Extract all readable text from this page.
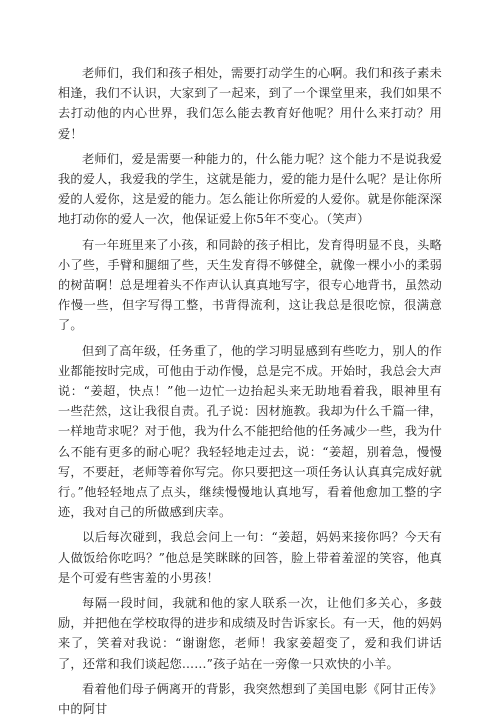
老师们，我们和孩子相处，需要打动学生的心啊。我们和孩子素未相逢，我们不认识，大家到了一起来，到了一个课堂里来，我们如果不去打动他的内心世界，我们怎么能去教育好他呢？用什么来打动？用爱！

老师们，爱是需要一种能力的，什么能力呢？这个能力不是说我爱我的爱人，我爱我的学生，这就是能力，爱的能力是什么呢？是让你所爱的人爱你，这是爱的能力。怎么能让你所爱的人爱你。就是你能深深地打动你的爱人一次，他保证爱上你5年不变心。（笑声）

有一年班里来了小孩，和同龄的孩子相比，发育得明显不良，头略小了些，手臂和腿细了些，天生发育得不够健全，就像一棵小小的柔弱的树苗啊！总是埋着头不作声认认真真地写字，很专心地背书，虽然动作慢一些，但字写得工整，书背得流利，这让我总是很吃惊，很满意了。

但到了高年级，任务重了，他的学习明显感到有些吃力，别人的作业都能按时完成，可他由于动作慢，总是完不成。开始时，我总会大声说：“姜超，快点！”他一边忙一边抬起头来无助地看着我，眼神里有一些茫然，这让我很自责。孔子说：因材施教。我却为什么千篇一律，一样地苛求呢？对于他，我为什么不能把给他的任务减少一些，我为什么不能有更多的耐心呢？我轻轻地走过去，说：“姜超，别着急，慢慢写，不要赶，老师等着你写完。你只要把这一项任务认认真真完成好就行。”他轻轻地点了点头，继续慢慢地认真地写，看着他愈加工整的字迹，我对自己的所做感到庆幸。

以后每次碰到，我总会问上一句：“姜超，妈妈来接你吗？今天有人做饭给你吃吗？”他总是笑眯眯的回答，脸上带着羞涩的笑容，他真是个可爱有些害羞的小男孩！

每隔一段时间，我就和他的家人联系一次，让他们多关心，多鼓励，并把他在学校取得的进步和成绩及时告诉家长。有一天，他的妈妈来了，笑着对我说：“谢谢您，老师！我家姜超变了，爱和我们讲话了，还常和我们谈起您……”孩子站在一旁像一只欢快的小羊。

看着他们母子俩离开的背影，我突然想到了美国电影《阿甘正传》中的阿甘
